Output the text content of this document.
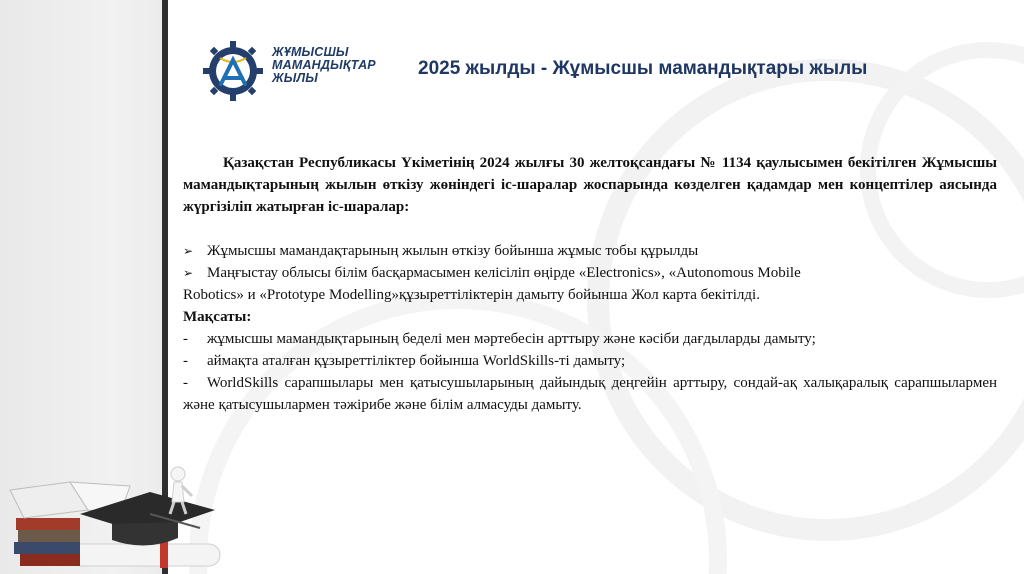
ЖҰМЫСШЫ
МАМАНДЫҚТАР
ЖЫЛЫ	2025 жылды - Жұмысшы мамандықтары жылы
Қазақстан Республикасы Үкіметінің 2024 жылғы 30 желтоқсандағы № 1134 қаулысымен бекітілген Жұмысшы мамандықтарының жылын өткізу жөніндегі іс-шаралар жоспарында көзделген қадамдар мен концептілер аясында жүргізіліп жатырған іс-шаралар:
➢ Жұмысшы мамандақтарының жылын өткізу бойынша жұмыс тобы құрылды
➢ Маңғыстау облысы білім басқармасымен келісіліп өңірде «Electronics», «Autonomous Mobile
Robotics» и «Prototype Modelling»құзыреттіліктерін дамыту бойынша Жол карта бекітілді.
Мақсаты:
- жұмысшы мамандықтарының беделі мен мәртебесін арттыру және кәсіби дағдыларды дамыту;
- аймақта аталған құзыреттіліктер бойынша WorldSkills-ті дамыту;
- WorldSkills сарапшылары мен қатысушыларының дайындық деңгейін арттыру, сондай-ақ халықаралық сарапшылармен және қатысушылармен тәжірибе және білім алмасуды дамыту.
